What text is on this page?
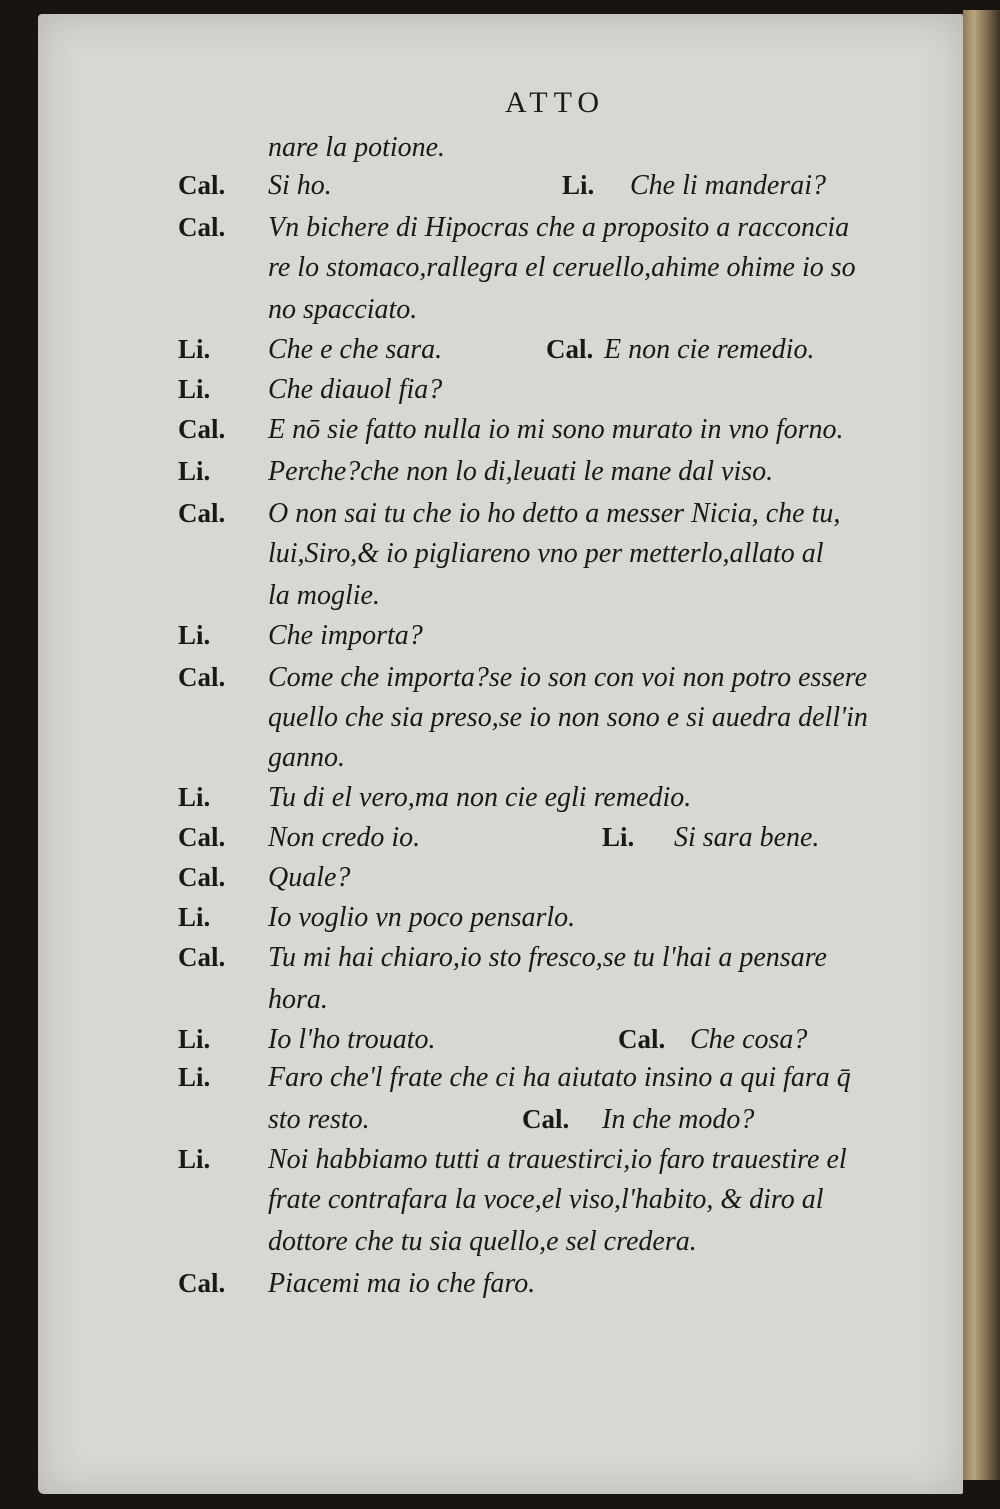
ATTO
nare la potione.
Cal. Si ho.	Li. Che li manderai?
Cal. Vn bichere di Hipocras che a proposito a racconcia
re lo stomaco,rallegra el ceruello,ahime ohime io so
no spacciato.
Li. Che e che sara.	Cal. E non cie remedio.
Li. Che diauol fia?
Cal. E nō sie fatto nulla io mi sono murato in vno forno.
Li. Perche?che non lo di,leuati le mane dal viso.
Cal. O non sai tu che io ho detto a messer Nicia, che tu,
lui,Siro,& io pigliareno vno per metterlo,allato al
la moglie.
Li. Che importa?
Cal. Come che importa?se io son con voi non potro essere
quello che sia preso,se io non sono e si auedra dell'in
ganno.
Li. Tu di el vero,ma non cie egli remedio.
Cal. Non credo io.	Li. Si sara bene.
Cal. Quale?
Li. Io voglio vn poco pensarlo.
Cal. Tu mi hai chiaro,io sto fresco,se tu l'hai a pensare
hora.
Li. Io l'ho trouato.	Cal. Che cosa?
Li. Faro che'l frate che ci ha aiutato insino a qui fara q̄
sto resto.	Cal. In che modo?
Li. Noi habbiamo tutti a trauestirci,io faro trauestire el
frate contrafara la voce,el viso,l'habito, & diro al
dottore che tu sia quello,e sel credera.
Cal. Piacemi ma io che faro.
